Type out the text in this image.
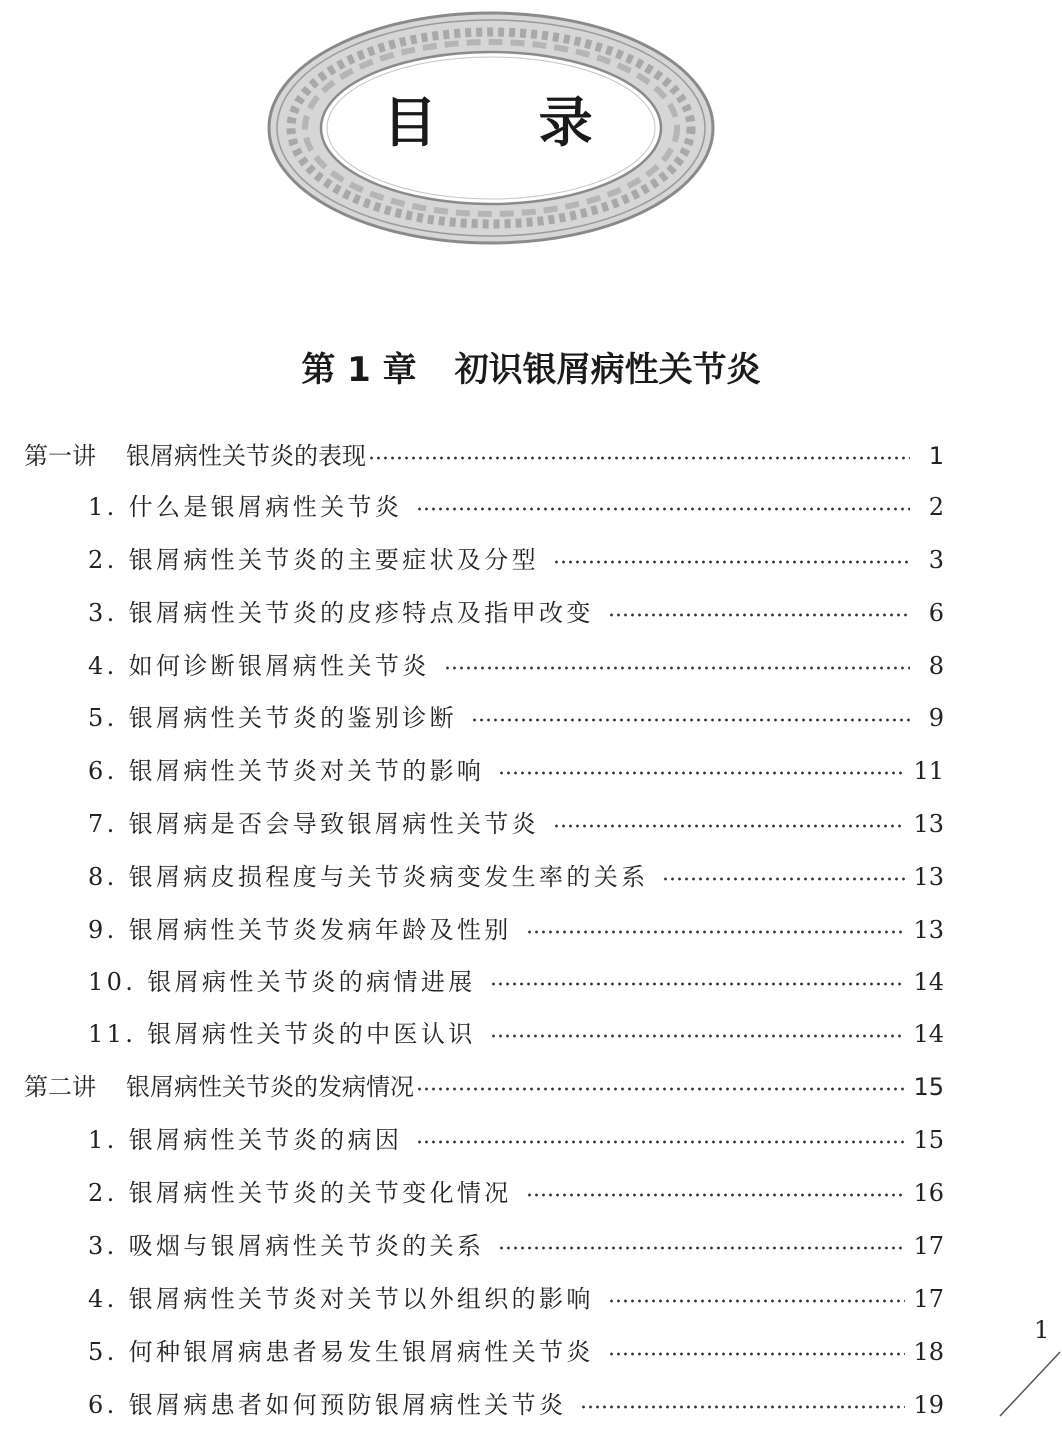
目 录
第 1 章 初识银屑病性关节炎
第一讲 银屑病性关节炎的表现	1
1. 什么是银屑病性关节炎	2
2. 银屑病性关节炎的主要症状及分型	3
3. 银屑病性关节炎的皮疹特点及指甲改变	6
4. 如何诊断银屑病性关节炎	8
5. 银屑病性关节炎的鉴别诊断	9
6. 银屑病性关节炎对关节的影响	11
7. 银屑病是否会导致银屑病性关节炎	13
8. 银屑病皮损程度与关节炎病变发生率的关系	13
9. 银屑病性关节炎发病年龄及性别	13
10. 银屑病性关节炎的病情进展	14
11. 银屑病性关节炎的中医认识	14
第二讲 银屑病性关节炎的发病情况	15
1. 银屑病性关节炎的病因	15
2. 银屑病性关节炎的关节变化情况	16
3. 吸烟与银屑病性关节炎的关系	17
4. 银屑病性关节炎对关节以外组织的影响	17
5. 何种银屑病患者易发生银屑病性关节炎	18
6. 银屑病患者如何预防银屑病性关节炎	19
1
